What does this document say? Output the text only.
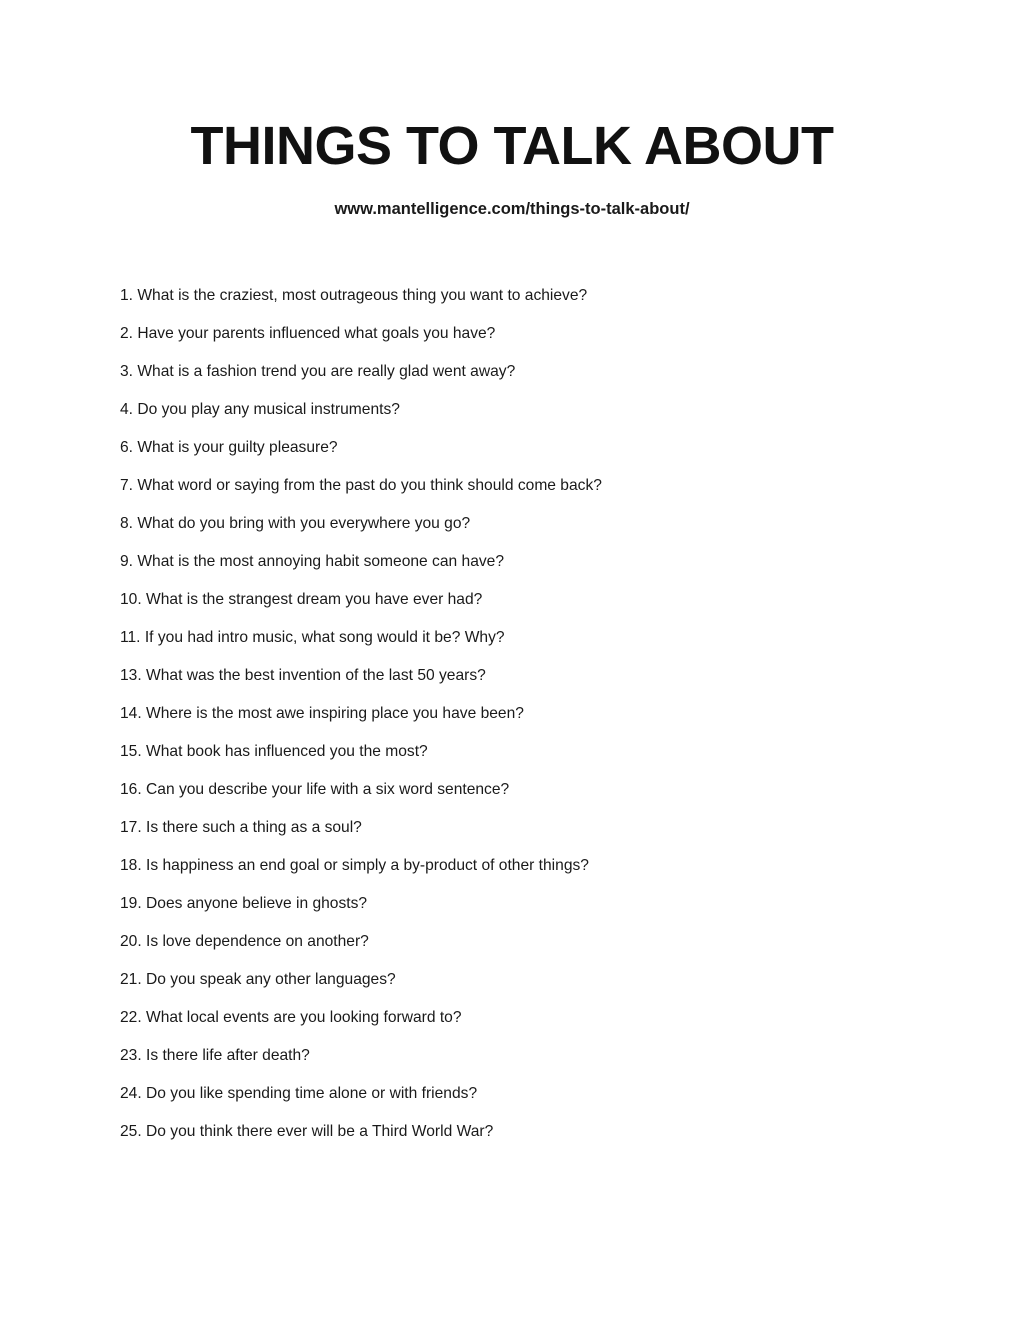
THINGS TO TALK ABOUT
www.mantelligence.com/things-to-talk-about/
1. What is the craziest, most outrageous thing you want to achieve?
2. Have your parents influenced what goals you have?
3. What is a fashion trend you are really glad went away?
4. Do you play any musical instruments?
6. What is your guilty pleasure?
7. What word or saying from the past do you think should come back?
8. What do you bring with you everywhere you go?
9. What is the most annoying habit someone can have?
10. What is the strangest dream you have ever had?
11. If you had intro music, what song would it be? Why?
13. What was the best invention of the last 50 years?
14. Where is the most awe inspiring place you have been?
15. What book has influenced you the most?
16. Can you describe your life with a six word sentence?
17. Is there such a thing as a soul?
18. Is happiness an end goal or simply a by-product of other things?
19. Does anyone believe in ghosts?
20. Is love dependence on another?
21. Do you speak any other languages?
22. What local events are you looking forward to?
23. Is there life after death?
24. Do you like spending time alone or with friends?
25. Do you think there ever will be a Third World War?
